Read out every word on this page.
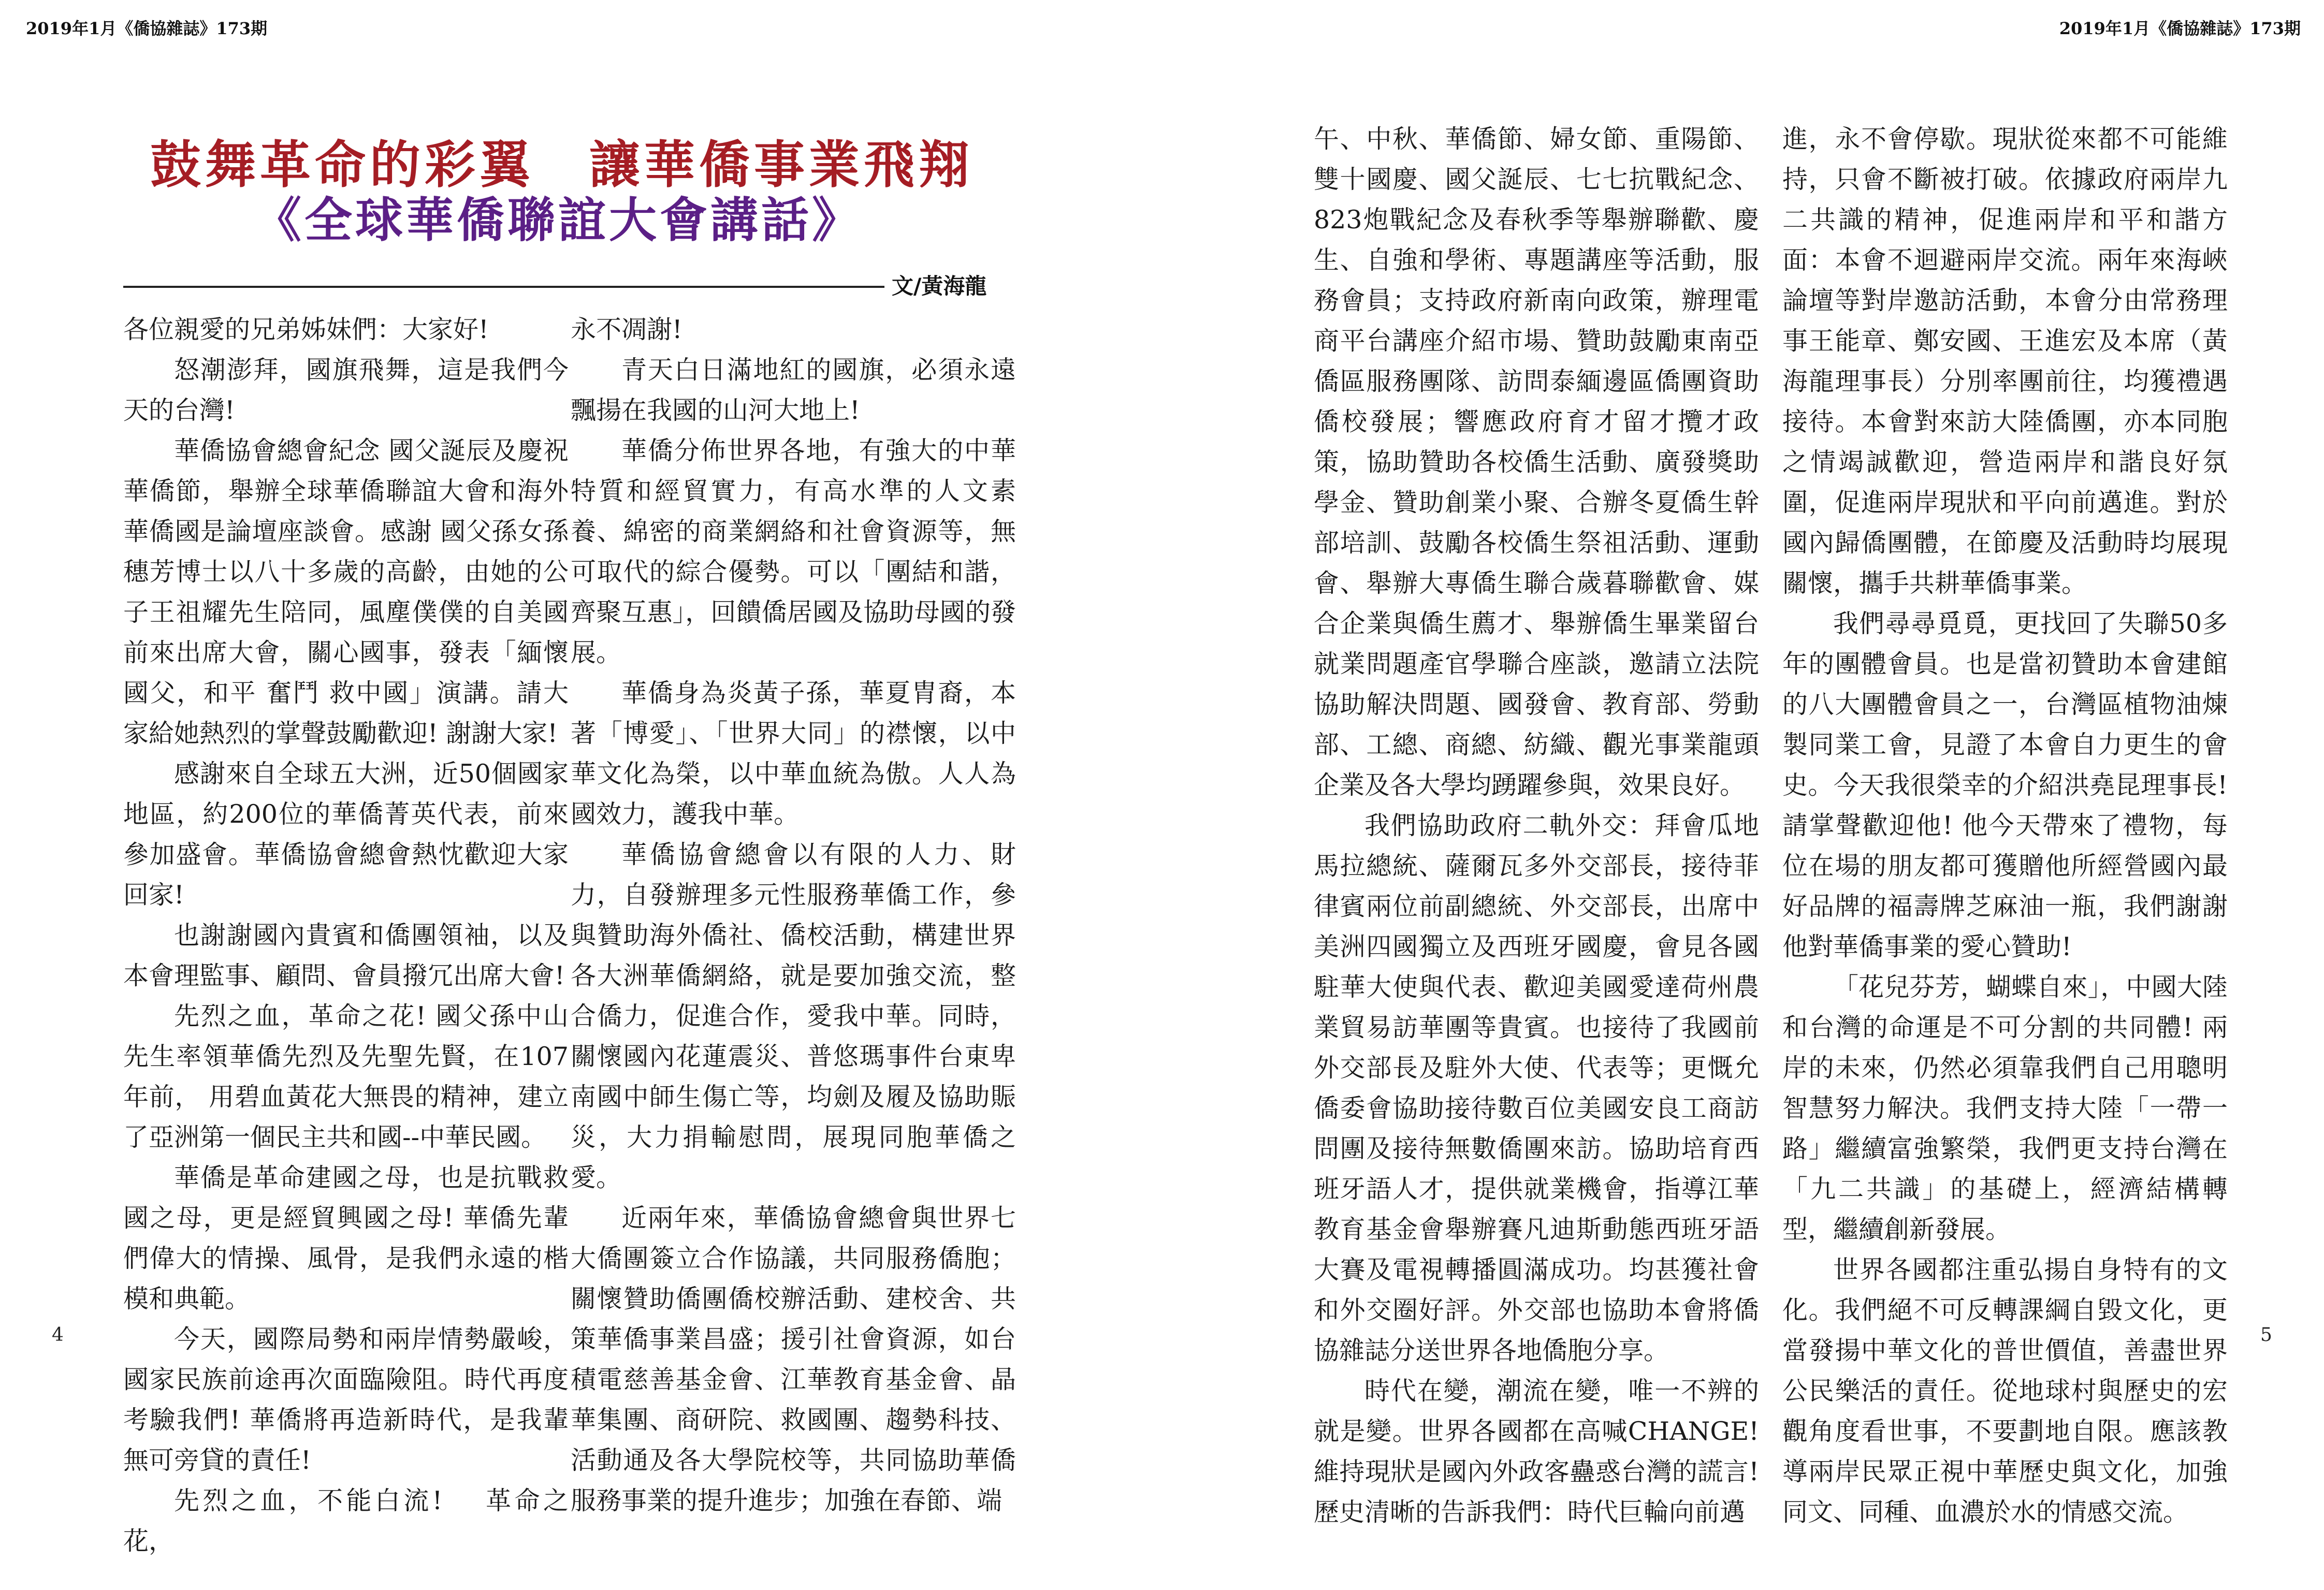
2019年1月《僑協雜誌》173期	2019年1月《僑協雜誌》173期
鼓舞革命的彩翼　讓華僑事業飛翔
《全球華僑聯誼大會講話》
文/黃海龍

各位親愛的兄弟姊妹們：大家好!

怒潮澎拜，國旗飛舞，這是我們今天的台灣!

華僑協會總會紀念 國父誕辰及慶祝華僑節，舉辦全球華僑聯誼大會和海外華僑國是論壇座談會。感謝 國父孫女孫穗芳博士以八十多歲的高齡，由她的公子王祖耀先生陪同，風塵僕僕的自美國前來出席大會，關心國事，發表「緬懷國父，和平 奮鬥 救中國」演講。請大家給她熱烈的掌聲鼓勵歡迎! 謝謝大家!

感謝來自全球五大洲，近50個國家地區，約200位的華僑菁英代表，前來參加盛會。華僑協會總會熱忱歡迎大家回家!

也謝謝國內貴賓和僑團領袖，以及本會理監事、顧問、會員撥冗出席大會!

先烈之血，革命之花! 國父孫中山先生率領華僑先烈及先聖先賢，在107年前， 用碧血黃花大無畏的精神，建立了亞洲第一個民主共和國--中華民國。

華僑是革命建國之母，也是抗戰救國之母，更是經貿興國之母! 華僑先輩們偉大的情操、風骨，是我們永遠的楷模和典範。

今天，國際局勢和兩岸情勢嚴峻，國家民族前途再次面臨險阻。時代再度考驗我們! 華僑將再造新時代，是我輩無可旁貸的責任!

先烈之血，不能白流!　 革命之花，

永不凋謝!

青天白日滿地紅的國旗，必須永遠飄揚在我國的山河大地上!

華僑分佈世界各地，有強大的中華特質和經貿實力，有高水準的人文素養、綿密的商業網絡和社會資源等，無可取代的綜合優勢。可以「團結和諧，齊聚互惠」，回饋僑居國及協助母國的發展。

華僑身為炎黃子孫，華夏胄裔，本著「博愛」、「世界大同」的襟懷，以中華文化為榮，以中華血統為傲。人人為國效力，護我中華。

華僑協會總會以有限的人力、財力，自發辦理多元性服務華僑工作，參與贊助海外僑社、僑校活動，構建世界各大洲華僑網絡，就是要加強交流，整合僑力，促進合作，愛我中華。同時，關懷國內花蓮震災、普悠瑪事件台東卑南國中師生傷亡等，均劍及履及協助賑災，大力捐輸慰問，展現同胞華僑之愛。

近兩年來，華僑協會總會與世界七大僑團簽立合作協議，共同服務僑胞；關懷贊助僑團僑校辦活動、建校舍、共策華僑事業昌盛；援引社會資源，如台積電慈善基金會、江華教育基金會、晶華集團、商研院、救國團、趨勢科技、活動通及各大學院校等，共同協助華僑服務事業的提升進步；加強在春節、端

午、中秋、華僑節、婦女節、重陽節、雙十國慶、國父誕辰、七七抗戰紀念、823炮戰紀念及春秋季等舉辦聯歡、慶生、自強和學術、專題講座等活動，服務會員；支持政府新南向政策，辦理電商平台講座介紹市場、贊助鼓勵東南亞僑區服務團隊、訪問泰緬邊區僑團資助僑校發展；響應政府育才留才攬才政策，協助贊助各校僑生活動、廣發獎助學金、贊助創業小聚、合辦冬夏僑生幹部培訓、鼓勵各校僑生祭祖活動、運動會、舉辦大專僑生聯合歲暮聯歡會、媒合企業與僑生薦才、舉辦僑生畢業留台就業問題產官學聯合座談，邀請立法院協助解決問題、國發會、教育部、勞動部、工總、商總、紡織、觀光事業龍頭企業及各大學均踴躍參與，效果良好。

我們協助政府二軌外交：拜會瓜地馬拉總統、薩爾瓦多外交部長，接待菲律賓兩位前副總統、外交部長，出席中美洲四國獨立及西班牙國慶，會見各國駐華大使與代表、歡迎美國愛達荷州農業貿易訪華團等貴賓。也接待了我國前外交部長及駐外大使、代表等；更慨允僑委會協助接待數百位美國安良工商訪問團及接待無數僑團來訪。協助培育西班牙語人才，提供就業機會，指導江華教育基金會舉辦賽凡迪斯動態西班牙語大賽及電視轉播圓滿成功。均甚獲社會和外交圈好評。外交部也協助本會將僑協雜誌分送世界各地僑胞分享。

時代在變，潮流在變，唯一不辨的就是變。世界各國都在高喊CHANGE! 維持現狀是國內外政客蠱惑台灣的謊言! 歷史清晰的告訴我們：時代巨輪向前邁

進，永不會停歇。現狀從來都不可能維持，只會不斷被打破。依據政府兩岸九二共識的精神，促進兩岸和平和諧方面：本會不迴避兩岸交流。兩年來海峽論壇等對岸邀訪活動，本會分由常務理事王能章、鄭安國、王進宏及本席（黃海龍理事長）分別率團前往，均獲禮遇接待。本會對來訪大陸僑團，亦本同胞之情竭誠歡迎，營造兩岸和諧良好氛圍，促進兩岸現狀和平向前邁進。對於國內歸僑團體，在節慶及活動時均展現關懷，攜手共耕華僑事業。

我們尋尋覓覓，更找回了失聯50多年的團體會員。也是當初贊助本會建館的八大團體會員之一，台灣區植物油煉製同業工會，見證了本會自力更生的會史。今天我很榮幸的介紹洪堯昆理事長! 請掌聲歡迎他! 他今天帶來了禮物，每位在場的朋友都可獲贈他所經營國內最好品牌的福壽牌芝麻油一瓶，我們謝謝他對華僑事業的愛心贊助!

「花兒芬芳，蝴蝶自來」，中國大陸和台灣的命運是不可分割的共同體! 兩岸的未來，仍然必須靠我們自己用聰明智慧努力解決。我們支持大陸「一帶一路」繼續富強繁榮，我們更支持台灣在「九二共識」的基礎上，經濟結構轉型，繼續創新發展。

世界各國都注重弘揚自身特有的文化。我們絕不可反轉課綱自毀文化，更當發揚中華文化的普世價值，善盡世界公民樂活的責任。從地球村與歷史的宏觀角度看世事，不要劃地自限。應該教導兩岸民眾正視中華歷史與文化，加強同文、同種、血濃於水的情感交流。

4	5
